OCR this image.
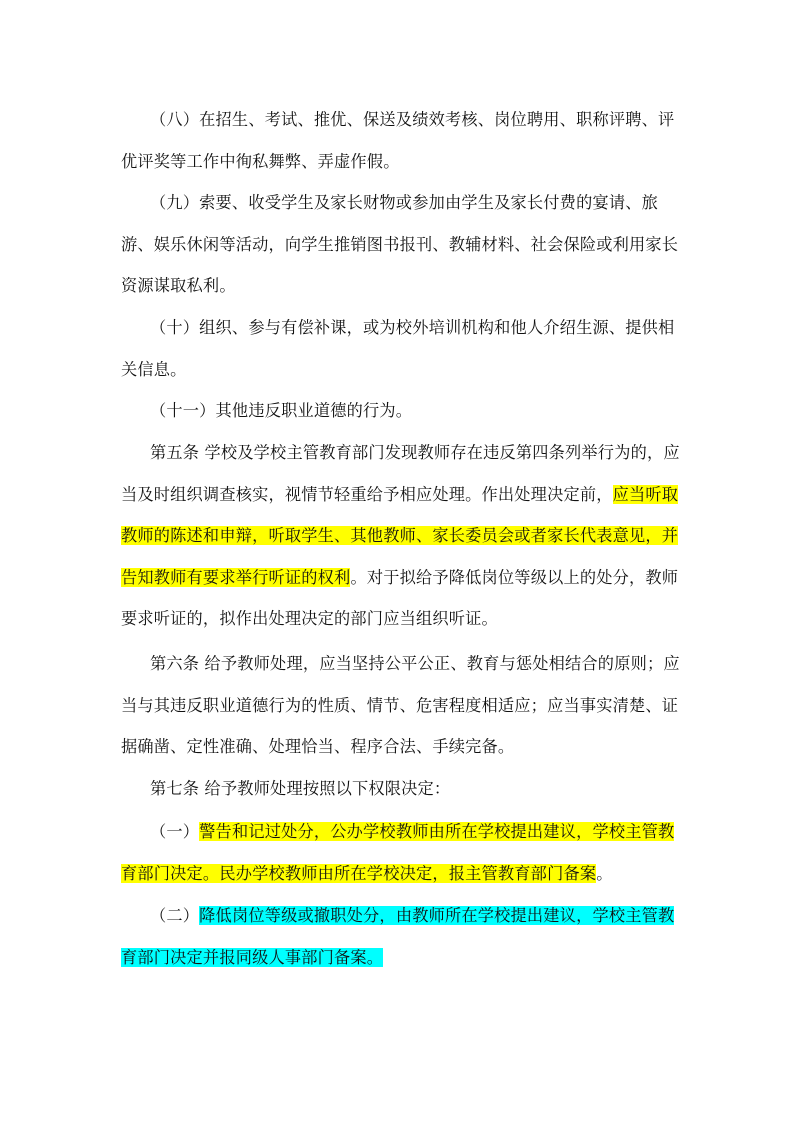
（八）在招生、考试、推优、保送及绩效考核、岗位聘用、职称评聘、评
优评奖等工作中徇私舞弊、弄虚作假。
（九）索要、收受学生及家长财物或参加由学生及家长付费的宴请、旅
游、娱乐休闲等活动，向学生推销图书报刊、教辅材料、社会保险或利用家长
资源谋取私利。
（十）组织、参与有偿补课，或为校外培训机构和他人介绍生源、提供相
关信息。
（十一）其他违反职业道德的行为。
第五条 学校及学校主管教育部门发现教师存在违反第四条列举行为的，应
当及时组织调查核实，视情节轻重给予相应处理。作出处理决定前，应当听取
教师的陈述和申辩，听取学生、其他教师、家长委员会或者家长代表意见，并
告知教师有要求举行听证的权利。对于拟给予降低岗位等级以上的处分，教师
要求听证的，拟作出处理决定的部门应当组织听证。
第六条 给予教师处理，应当坚持公平公正、教育与惩处相结合的原则；应
当与其违反职业道德行为的性质、情节、危害程度相适应；应当事实清楚、证
据确凿、定性准确、处理恰当、程序合法、手续完备。
第七条 给予教师处理按照以下权限决定：
（一）警告和记过处分，公办学校教师由所在学校提出建议，学校主管教
育部门决定。民办学校教师由所在学校决定，报主管教育部门备案。
（二）降低岗位等级或撤职处分，由教师所在学校提出建议，学校主管教
育部门决定并报同级人事部门备案。
